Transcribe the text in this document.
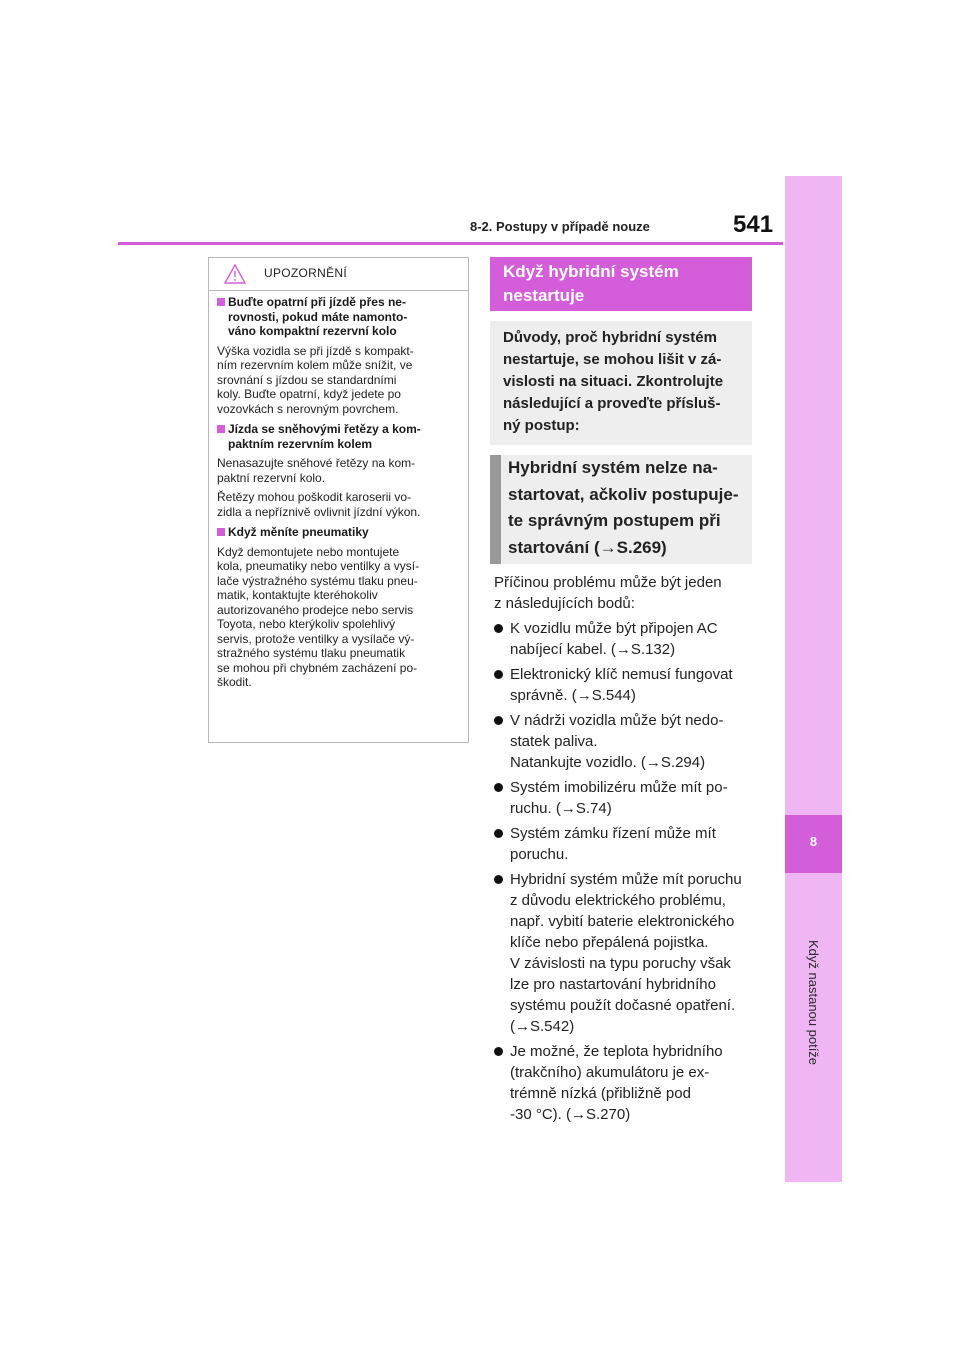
8
Když nastanou potíže
8-2. Postupy v případě nouze	541
UPOZORNĚNÍ
Buďte opatrní při jízdě přes ne-
rovnosti, pokud máte namonto-
váno kompaktní rezervní kolo
Výška vozidla se při jízdě s kompakt-
ním rezervním kolem může snížit, ve
srovnání s jízdou se standardními
koly. Buďte opatrní, když jedete po
vozovkách s nerovným povrchem.
Jízda se sněhovými řetězy a kom-
paktním rezervním kolem
Nenasazujte sněhové řetězy na kom-
paktní rezervní kolo.
Řetězy mohou poškodit karoserii vo-
zidla a nepříznivě ovlivnit jízdní výkon.
Když měníte pneumatiky
Když demontujete nebo montujete
kola, pneumatiky nebo ventilky a vysí-
lače výstražného systému tlaku pneu-
matik, kontaktujte kteréhokoliv
autorizovaného prodejce nebo servis
Toyota, nebo kterýkoliv spolehlivý
servis, protože ventilky a vysílače vý-
stražného systému tlaku pneumatik
se mohou při chybném zacházení po-
škodit.
Když hybridní systém
nestartuje
Důvody, proč hybridní systém
nestartuje, se mohou lišit v zá-
vislosti na situaci. Zkontrolujte
následující a proveďte přísluš-
ný postup:
Hybridní systém nelze na-
startovat, ačkoliv postupuje-
te správným postupem při
startování (→S.269)
Příčinou problému může být jeden
z následujících bodů:
K vozidlu může být připojen AC
nabíjecí kabel. (→S.132)
Elektronický klíč nemusí fungovat
správně. (→S.544)
V nádrži vozidla může být nedo-
statek paliva.
Natankujte vozidlo. (→S.294)
Systém imobilizéru může mít po-
ruchu. (→S.74)
Systém zámku řízení může mít
poruchu.
Hybridní systém může mít poruchu
z důvodu elektrického problému,
např. vybití baterie elektronického
klíče nebo přepálená pojistka.
V závislosti na typu poruchy však
lze pro nastartování hybridního
systému použít dočasné opatření.
(→S.542)
Je možné, že teplota hybridního
(trakčního) akumulátoru je ex-
trémně nízká (přibližně pod
-30 °C). (→S.270)
